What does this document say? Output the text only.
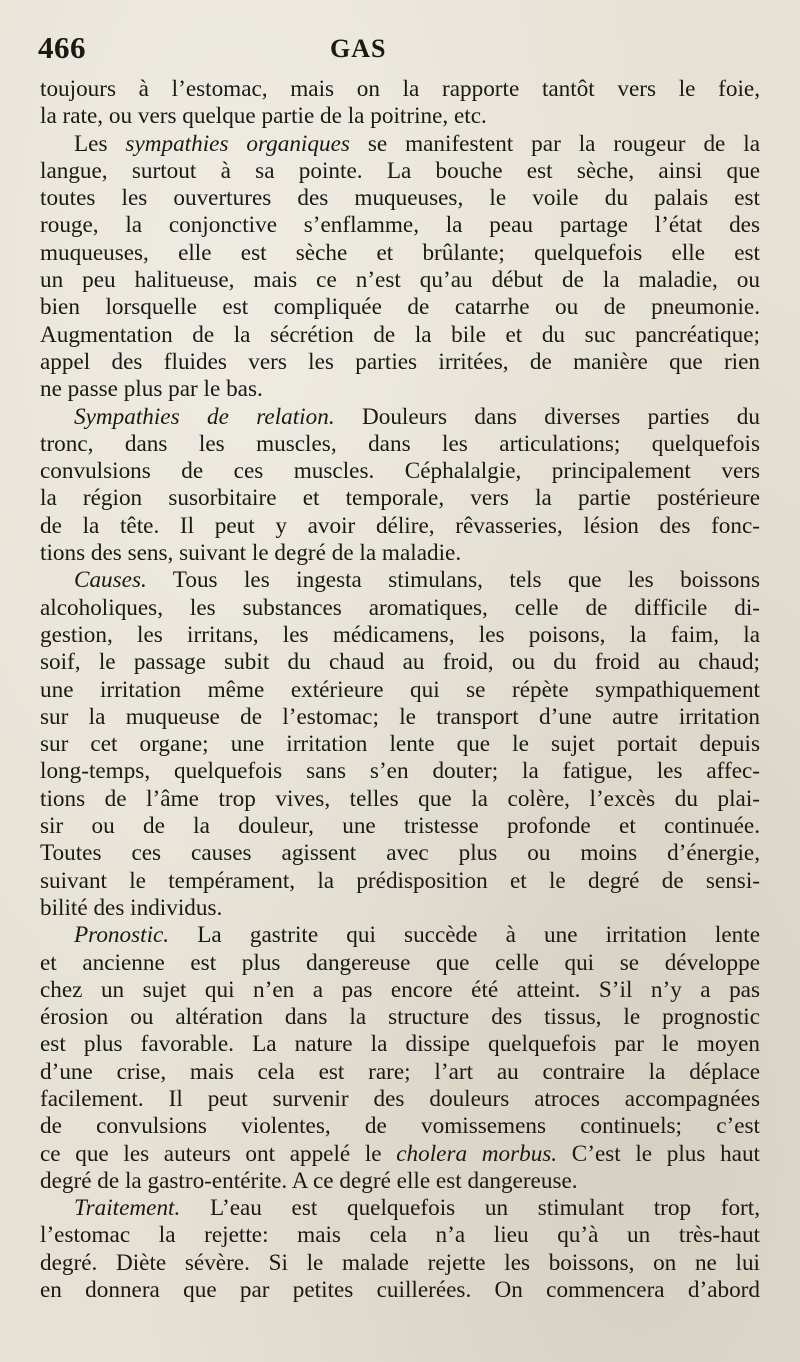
466	GAS
toujours à l’estomac, mais on la rapporte tantôt vers le foie,
la rate, ou vers quelque partie de la poitrine, etc.
Les sympathies organiques se manifestent par la rougeur de la
langue, surtout à sa pointe. La bouche est sèche, ainsi que
toutes les ouvertures des muqueuses, le voile du palais est
rouge, la conjonctive s’enflamme, la peau partage l’état des
muqueuses, elle est sèche et brûlante; quelquefois elle est
un peu halitueuse, mais ce n’est qu’au début de la maladie, ou
bien lorsquelle est compliquée de catarrhe ou de pneumonie.
Augmentation de la sécrétion de la bile et du suc pancréatique;
appel des fluides vers les parties irritées, de manière que rien
ne passe plus par le bas.
Sympathies de relation. Douleurs dans diverses parties du
tronc, dans les muscles, dans les articulations; quelquefois
convulsions de ces muscles. Céphalalgie, principalement vers
la région susorbitaire et temporale, vers la partie postérieure
de la tête. Il peut y avoir délire, rêvasseries, lésion des fonc-
tions des sens, suivant le degré de la maladie.
Causes. Tous les ingesta stimulans, tels que les boissons
alcoholiques, les substances aromatiques, celle de difficile di-
gestion, les irritans, les médicamens, les poisons, la faim, la
soif, le passage subit du chaud au froid, ou du froid au chaud;
une irritation même extérieure qui se répète sympathiquement
sur la muqueuse de l’estomac; le transport d’une autre irritation
sur cet organe; une irritation lente que le sujet portait depuis
long-temps, quelquefois sans s’en douter; la fatigue, les affec-
tions de l’âme trop vives, telles que la colère, l’excès du plai-
sir ou de la douleur, une tristesse profonde et continuée.
Toutes ces causes agissent avec plus ou moins d’énergie,
suivant le tempérament, la prédisposition et le degré de sensi-
bilité des individus.
Pronostic. La gastrite qui succède à une irritation lente
et ancienne est plus dangereuse que celle qui se développe
chez un sujet qui n’en a pas encore été atteint. S’il n’y a pas
érosion ou altération dans la structure des tissus, le prognostic
est plus favorable. La nature la dissipe quelquefois par le moyen
d’une crise, mais cela est rare; l’art au contraire la déplace
facilement. Il peut survenir des douleurs atroces accompagnées
de convulsions violentes, de vomissemens continuels; c’est
ce que les auteurs ont appelé le cholera morbus. C’est le plus haut
degré de la gastro-entérite. A ce degré elle est dangereuse.
Traitement. L’eau est quelquefois un stimulant trop fort,
l’estomac la rejette: mais cela n’a lieu qu’à un très-haut
degré. Diète sévère. Si le malade rejette les boissons, on ne lui
en donnera que par petites cuillerées. On commencera d’abord
